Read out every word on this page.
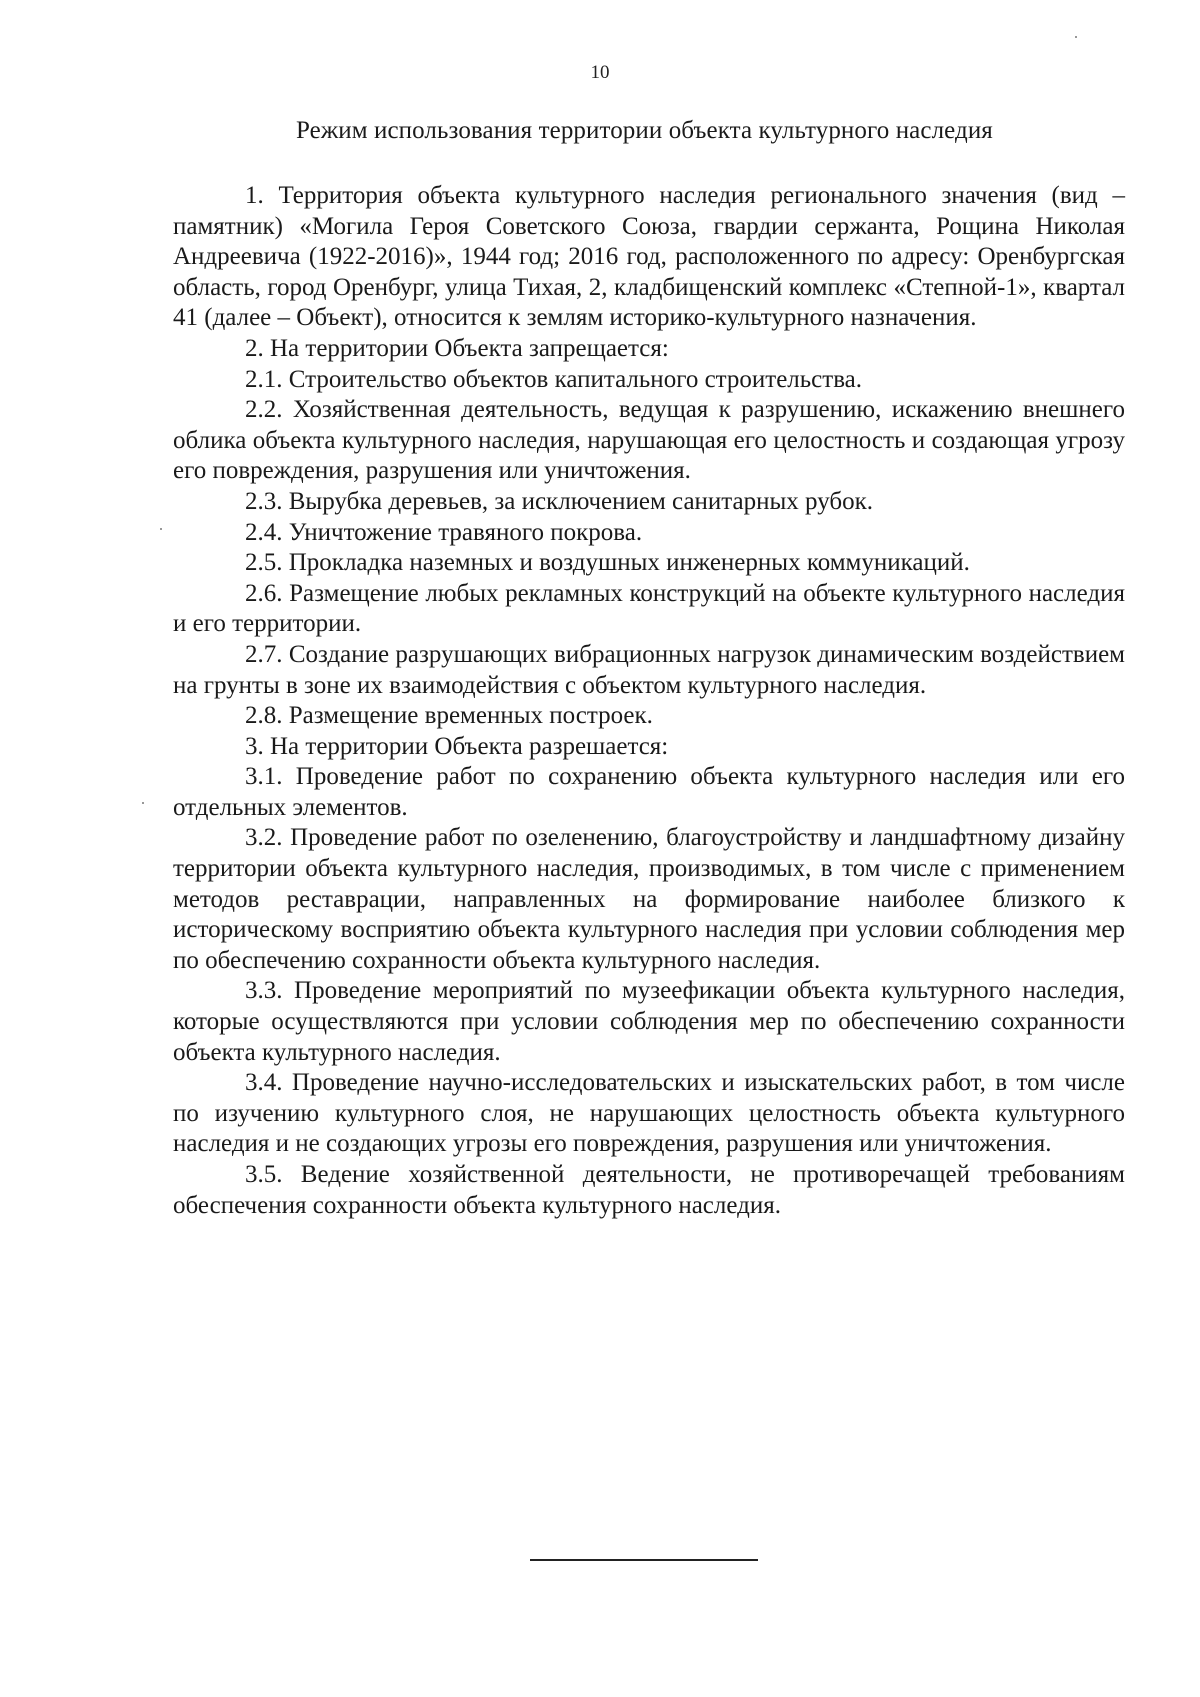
10
Режим использования территории объекта культурного наследия

1. Территория объекта культурного наследия регионального значения (вид – памятник) «Могила Героя Советского Союза, гвардии сержанта, Рощина Николая Андреевича (1922-2016)», 1944 год; 2016 год, расположенного по адресу: Оренбургская область, город Оренбург, улица Тихая, 2, кладбищенский комплекс «Степной-1», квартал 41 (далее – Объект), относится к землям историко-культурного назначения.

2. На территории Объекта запрещается:

2.1. Строительство объектов капитального строительства.

2.2. Хозяйственная деятельность, ведущая к разрушению, искажению внешнего облика объекта культурного наследия, нарушающая его целостность и создающая угрозу его повреждения, разрушения или уничтожения.

2.3. Вырубка деревьев, за исключением санитарных рубок.

2.4. Уничтожение травяного покрова.

2.5. Прокладка наземных и воздушных инженерных коммуникаций.

2.6. Размещение любых рекламных конструкций на объекте культурного наследия и его территории.

2.7. Создание разрушающих вибрационных нагрузок динамическим воздействием на грунты в зоне их взаимодействия с объектом культурного наследия.

2.8. Размещение временных построек.

3. На территории Объекта разрешается:

3.1. Проведение работ по сохранению объекта культурного наследия или его отдельных элементов.

3.2. Проведение работ по озеленению, благоустройству и ландшафтному дизайну территории объекта культурного наследия, производимых, в том числе с применением методов реставрации, направленных на формирование наиболее близкого к историческому восприятию объекта культурного наследия при условии соблюдения мер по обеспечению сохранности объекта культурного наследия.

3.3. Проведение мероприятий по музеефикации объекта культурного наследия, которые осуществляются при условии соблюдения мер по обеспечению сохранности объекта культурного наследия.

3.4. Проведение научно-исследовательских и изыскательских работ, в том числе по изучению культурного слоя, не нарушающих целостность объекта культурного наследия и не создающих угрозы его повреждения, разрушения или уничтожения.

3.5. Ведение хозяйственной деятельности, не противоречащей требованиям обеспечения сохранности объекта культурного наследия.
